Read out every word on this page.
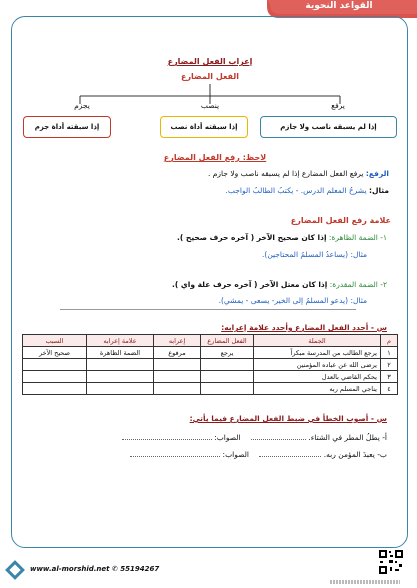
القواعد النحوية
إعراب الفعل المضارع
الفعل المضارع
يجزم	ينصب	يرفع
إذا سبقته أداة جزم	إذا سبقته أداة نصب	إذا لم يسبقه ناصب ولا جازم
لاحظ: رفع الفعل المضارع
الرفع: يرفع الفعل المضارع إذا لم يسبقه ناصب ولا جازم .
مثال: يشرحُ المعلم الدرس. - يكتبُ الطالبُ الواجب.
علامة رفع الفعل المضارع
١- الضمة الظاهرة: إذا كان صحيح الآخر ( آخره حرف صحيح ).
مثال: (يساعدُ المسلمُ المحتاجين).
٢- الضمة المقدرة: إذا كان معتل الآخر ( آخره حرف علة واي ).
مثال: (يدعو المسلمُ إلى الخير- يسعى - يمشي).
س - أحدد الفعل المضارع وأحدد علامة إعرابه:
م	الجملة	الفعل المضارع	إعرابه	علامة إعرابه	السبب
١	يرجع الطالب من المدرسة مبكراً	يرجع	مرفوع	الضمة الظاهرة	صحيح الآخر
٢	يرضى الله عن عباده المؤمنين				
٣	يحكم القاضي بالعدل				
٤	يناجي المسلم ربه				
س - أصوب الخطأ في ضبط الفعل المضارع فيما يأتي:
أ- يطلُ المطر في الشتاء.  الصواب:
ب- يعبدَ المؤمن ربه.  الصواب:
www.al-morshid.net ✆ 55194267
